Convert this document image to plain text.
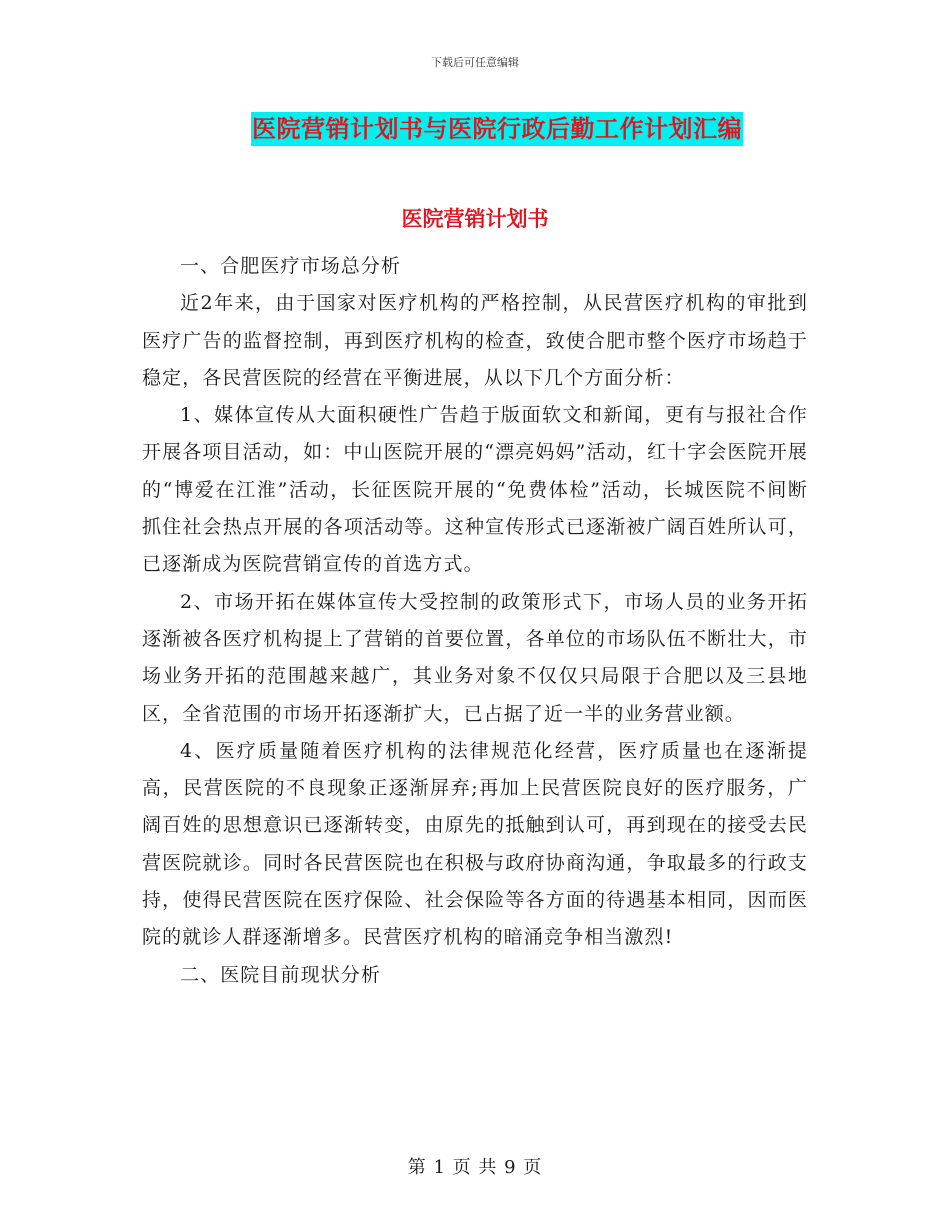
下载后可任意编辑
医院营销计划书与医院行政后勤工作计划汇编
医院营销计划书

一、合肥医疗市场总分析

近2年来，由于国家对医疗机构的严格控制，从民营医疗机构的审批到医疗广告的监督控制，再到医疗机构的检查，致使合肥市整个医疗市场趋于稳定，各民营医院的经营在平衡进展，从以下几个方面分析：

1、媒体宣传从大面积硬性广告趋于版面软文和新闻，更有与报社合作开展各项目活动，如：中山医院开展的“漂亮妈妈”活动，红十字会医院开展的“博爱在江淮”活动，长征医院开展的“免费体检”活动，长城医院不间断抓住社会热点开展的各项活动等。这种宣传形式已逐渐被广阔百姓所认可，已逐渐成为医院营销宣传的首选方式。

2、市场开拓在媒体宣传大受控制的政策形式下，市场人员的业务开拓逐渐被各医疗机构提上了营销的首要位置，各单位的市场队伍不断壮大，市场业务开拓的范围越来越广，其业务对象不仅仅只局限于合肥以及三县地区，全省范围的市场开拓逐渐扩大，已占据了近一半的业务营业额。

4、医疗质量随着医疗机构的法律规范化经营，医疗质量也在逐渐提高，民营医院的不良现象正逐渐屏弃;再加上民营医院良好的医疗服务，广阔百姓的思想意识已逐渐转变，由原先的抵触到认可，再到现在的接受去民营医院就诊。同时各民营医院也在积极与政府协商沟通，争取最多的行政支持，使得民营医院在医疗保险、社会保险等各方面的待遇基本相同，因而医院的就诊人群逐渐增多。民营医疗机构的暗涌竞争相当激烈!

二、医院目前现状分析

第 1 页 共 9 页
